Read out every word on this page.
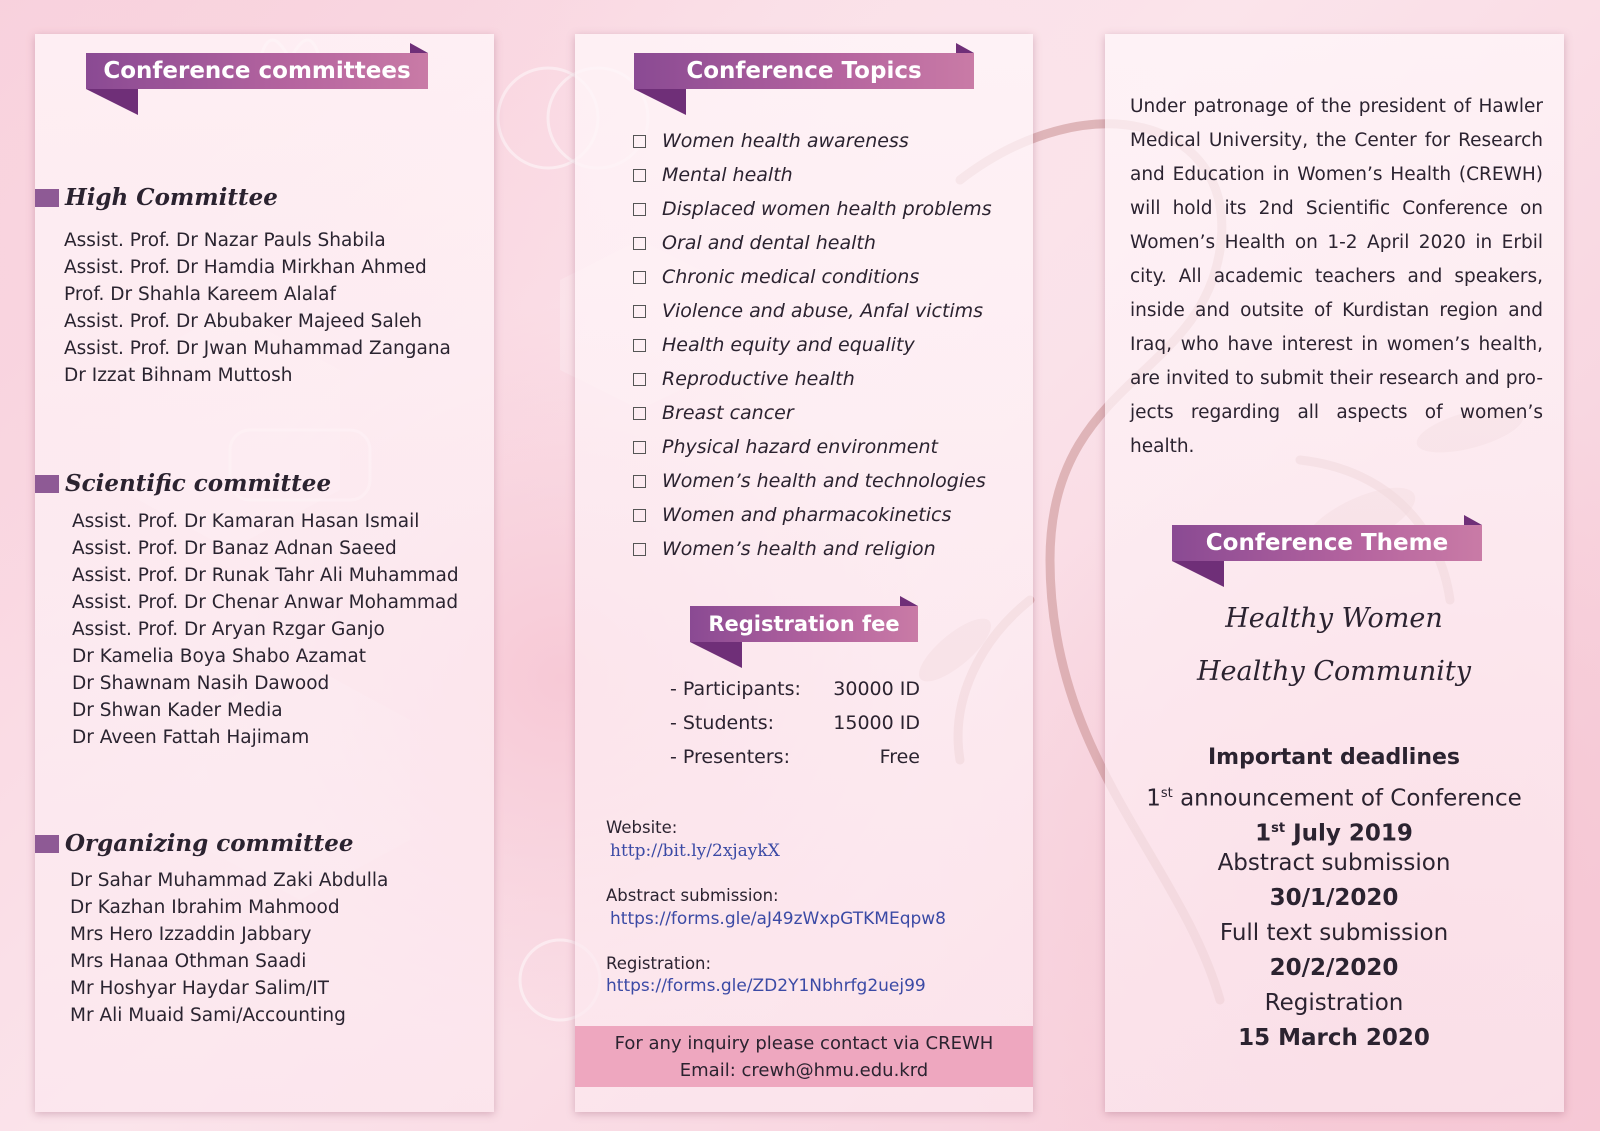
Conference committees
High Committee
Assist. Prof. Dr Nazar Pauls Shabila
Assist. Prof. Dr Hamdia Mirkhan Ahmed
Prof. Dr Shahla Kareem Alalaf
Assist. Prof. Dr Abubaker Majeed Saleh
Assist. Prof. Dr Jwan Muhammad Zangana
Dr Izzat Bihnam Muttosh
Scientific committee
Assist. Prof. Dr Kamaran Hasan Ismail
Assist. Prof. Dr Banaz Adnan Saeed
Assist. Prof. Dr Runak Tahr Ali Muhammad
Assist. Prof. Dr Chenar Anwar Mohammad
Assist. Prof. Dr Aryan Rzgar Ganjo
Dr Kamelia Boya Shabo Azamat
Dr Shawnam Nasih Dawood
Dr Shwan Kader Media
Dr Aveen Fattah Hajimam
Organizing committee
Dr Sahar Muhammad Zaki Abdulla
Dr Kazhan Ibrahim Mahmood
Mrs Hero Izzaddin Jabbary
Mrs Hanaa Othman Saadi
Mr Hoshyar Haydar Salim/IT
Mr Ali Muaid Sami/Accounting
Conference Topics
Women health awareness
Mental health
Displaced women health problems
Oral and dental health
Chronic medical conditions
Violence and abuse, Anfal victims
Health equity and equality
Reproductive health
Breast cancer
Physical hazard environment
Women’s health and technologies
Women and pharmacokinetics
Women’s health and religion
Registration fee
- Participants: 30000 ID
- Students:	15000 ID
- Presenters:	Free
Website:
http://bit.ly/2xjaykX
Abstract submission:
https://forms.gle/aJ49zWxpGTKMEqpw8
Registration:
https://forms.gle/ZD2Y1Nbhrfg2uej99
For any inquiry please contact via CREWH
Email: crewh@hmu.edu.krd
Under patronage of the president of Hawler Medical University, the Center for Research and Education in Women’s Health (CREWH) will hold its 2nd Scientific Conference on Women’s Health on 1-2 April 2020 in Erbil city. All academic teachers and speakers, inside and outsite of Kurdistan region and Iraq, who have interest in women’s health, are invited to submit their research and pro-jects regarding all aspects of women’s health.
Conference Theme
Healthy Women
Healthy Community
Important deadlines
1st announcement of Conference
1st July 2019
Abstract submission
30/1/2020
Full text submission
20/2/2020
Registration
15 March 2020
